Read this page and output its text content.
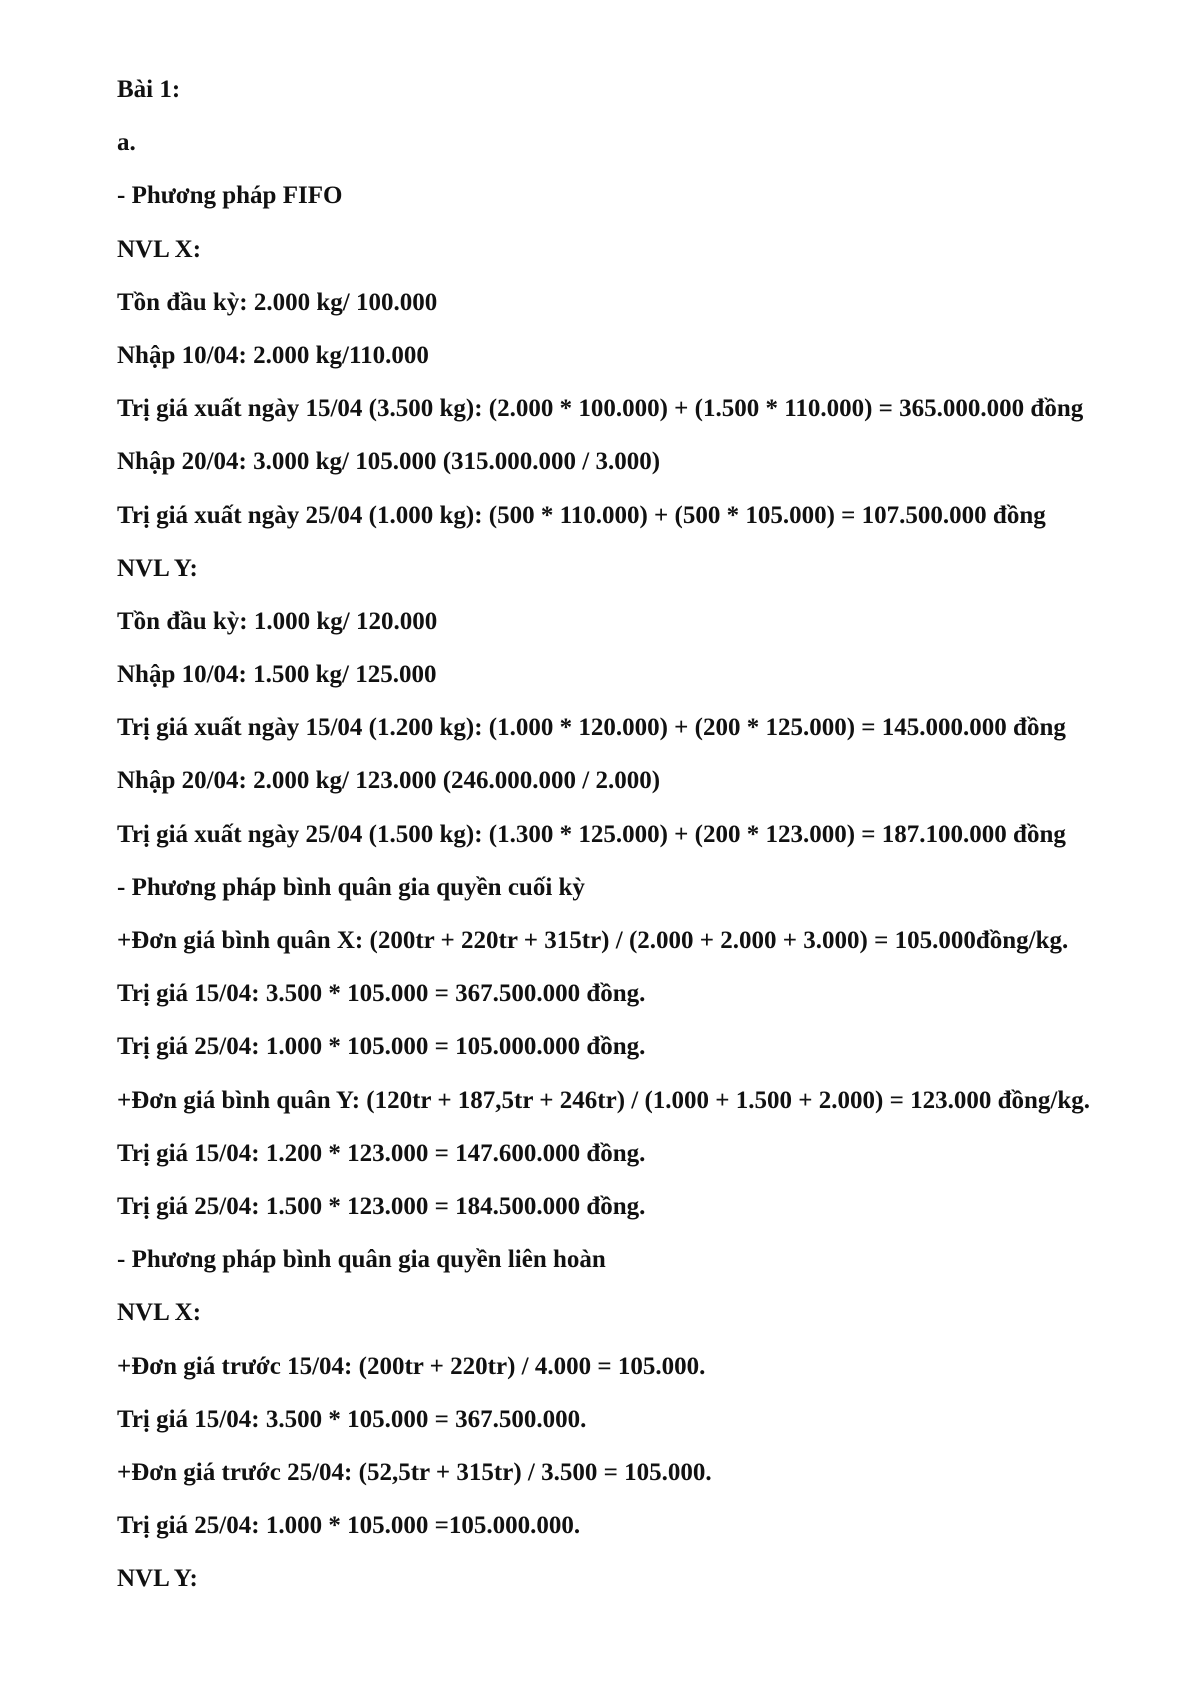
Bài 1:
a.
- Phương pháp FIFO
NVL X:
Tồn đầu kỳ: 2.000 kg/ 100.000
Nhập 10/04: 2.000 kg/110.000
Trị giá xuất ngày 15/04 (3.500 kg): (2.000 * 100.000) + (1.500 * 110.000) = 365.000.000 đồng
Nhập 20/04: 3.000 kg/ 105.000 (315.000.000 / 3.000)
Trị giá xuất ngày 25/04 (1.000 kg): (500 * 110.000) + (500 * 105.000) = 107.500.000 đồng
NVL Y:
Tồn đầu kỳ: 1.000 kg/ 120.000
Nhập 10/04: 1.500 kg/ 125.000
Trị giá xuất ngày 15/04 (1.200 kg): (1.000 * 120.000) + (200 * 125.000) = 145.000.000 đồng
Nhập 20/04: 2.000 kg/ 123.000 (246.000.000 / 2.000)
Trị giá xuất ngày 25/04 (1.500 kg): (1.300 * 125.000) + (200 * 123.000) = 187.100.000 đồng
- Phương pháp bình quân gia quyền cuối kỳ
+Đơn giá bình quân X: (200tr + 220tr + 315tr) / (2.000 + 2.000 + 3.000) = 105.000đồng/kg.
Trị giá 15/04: 3.500 * 105.000 = 367.500.000 đồng.
Trị giá 25/04: 1.000 * 105.000 = 105.000.000 đồng.
+Đơn giá bình quân Y: (120tr + 187,5tr + 246tr) / (1.000 + 1.500 + 2.000) = 123.000 đồng/kg.
Trị giá 15/04: 1.200 * 123.000 = 147.600.000 đồng.
Trị giá 25/04: 1.500 * 123.000 = 184.500.000 đồng.
- Phương pháp bình quân gia quyền liên hoàn
NVL X:
+Đơn giá trước 15/04: (200tr + 220tr) / 4.000 = 105.000.
Trị giá 15/04: 3.500 * 105.000 = 367.500.000.
+Đơn giá trước 25/04: (52,5tr + 315tr) / 3.500 = 105.000.
Trị giá 25/04: 1.000 * 105.000 =105.000.000.
NVL Y:
